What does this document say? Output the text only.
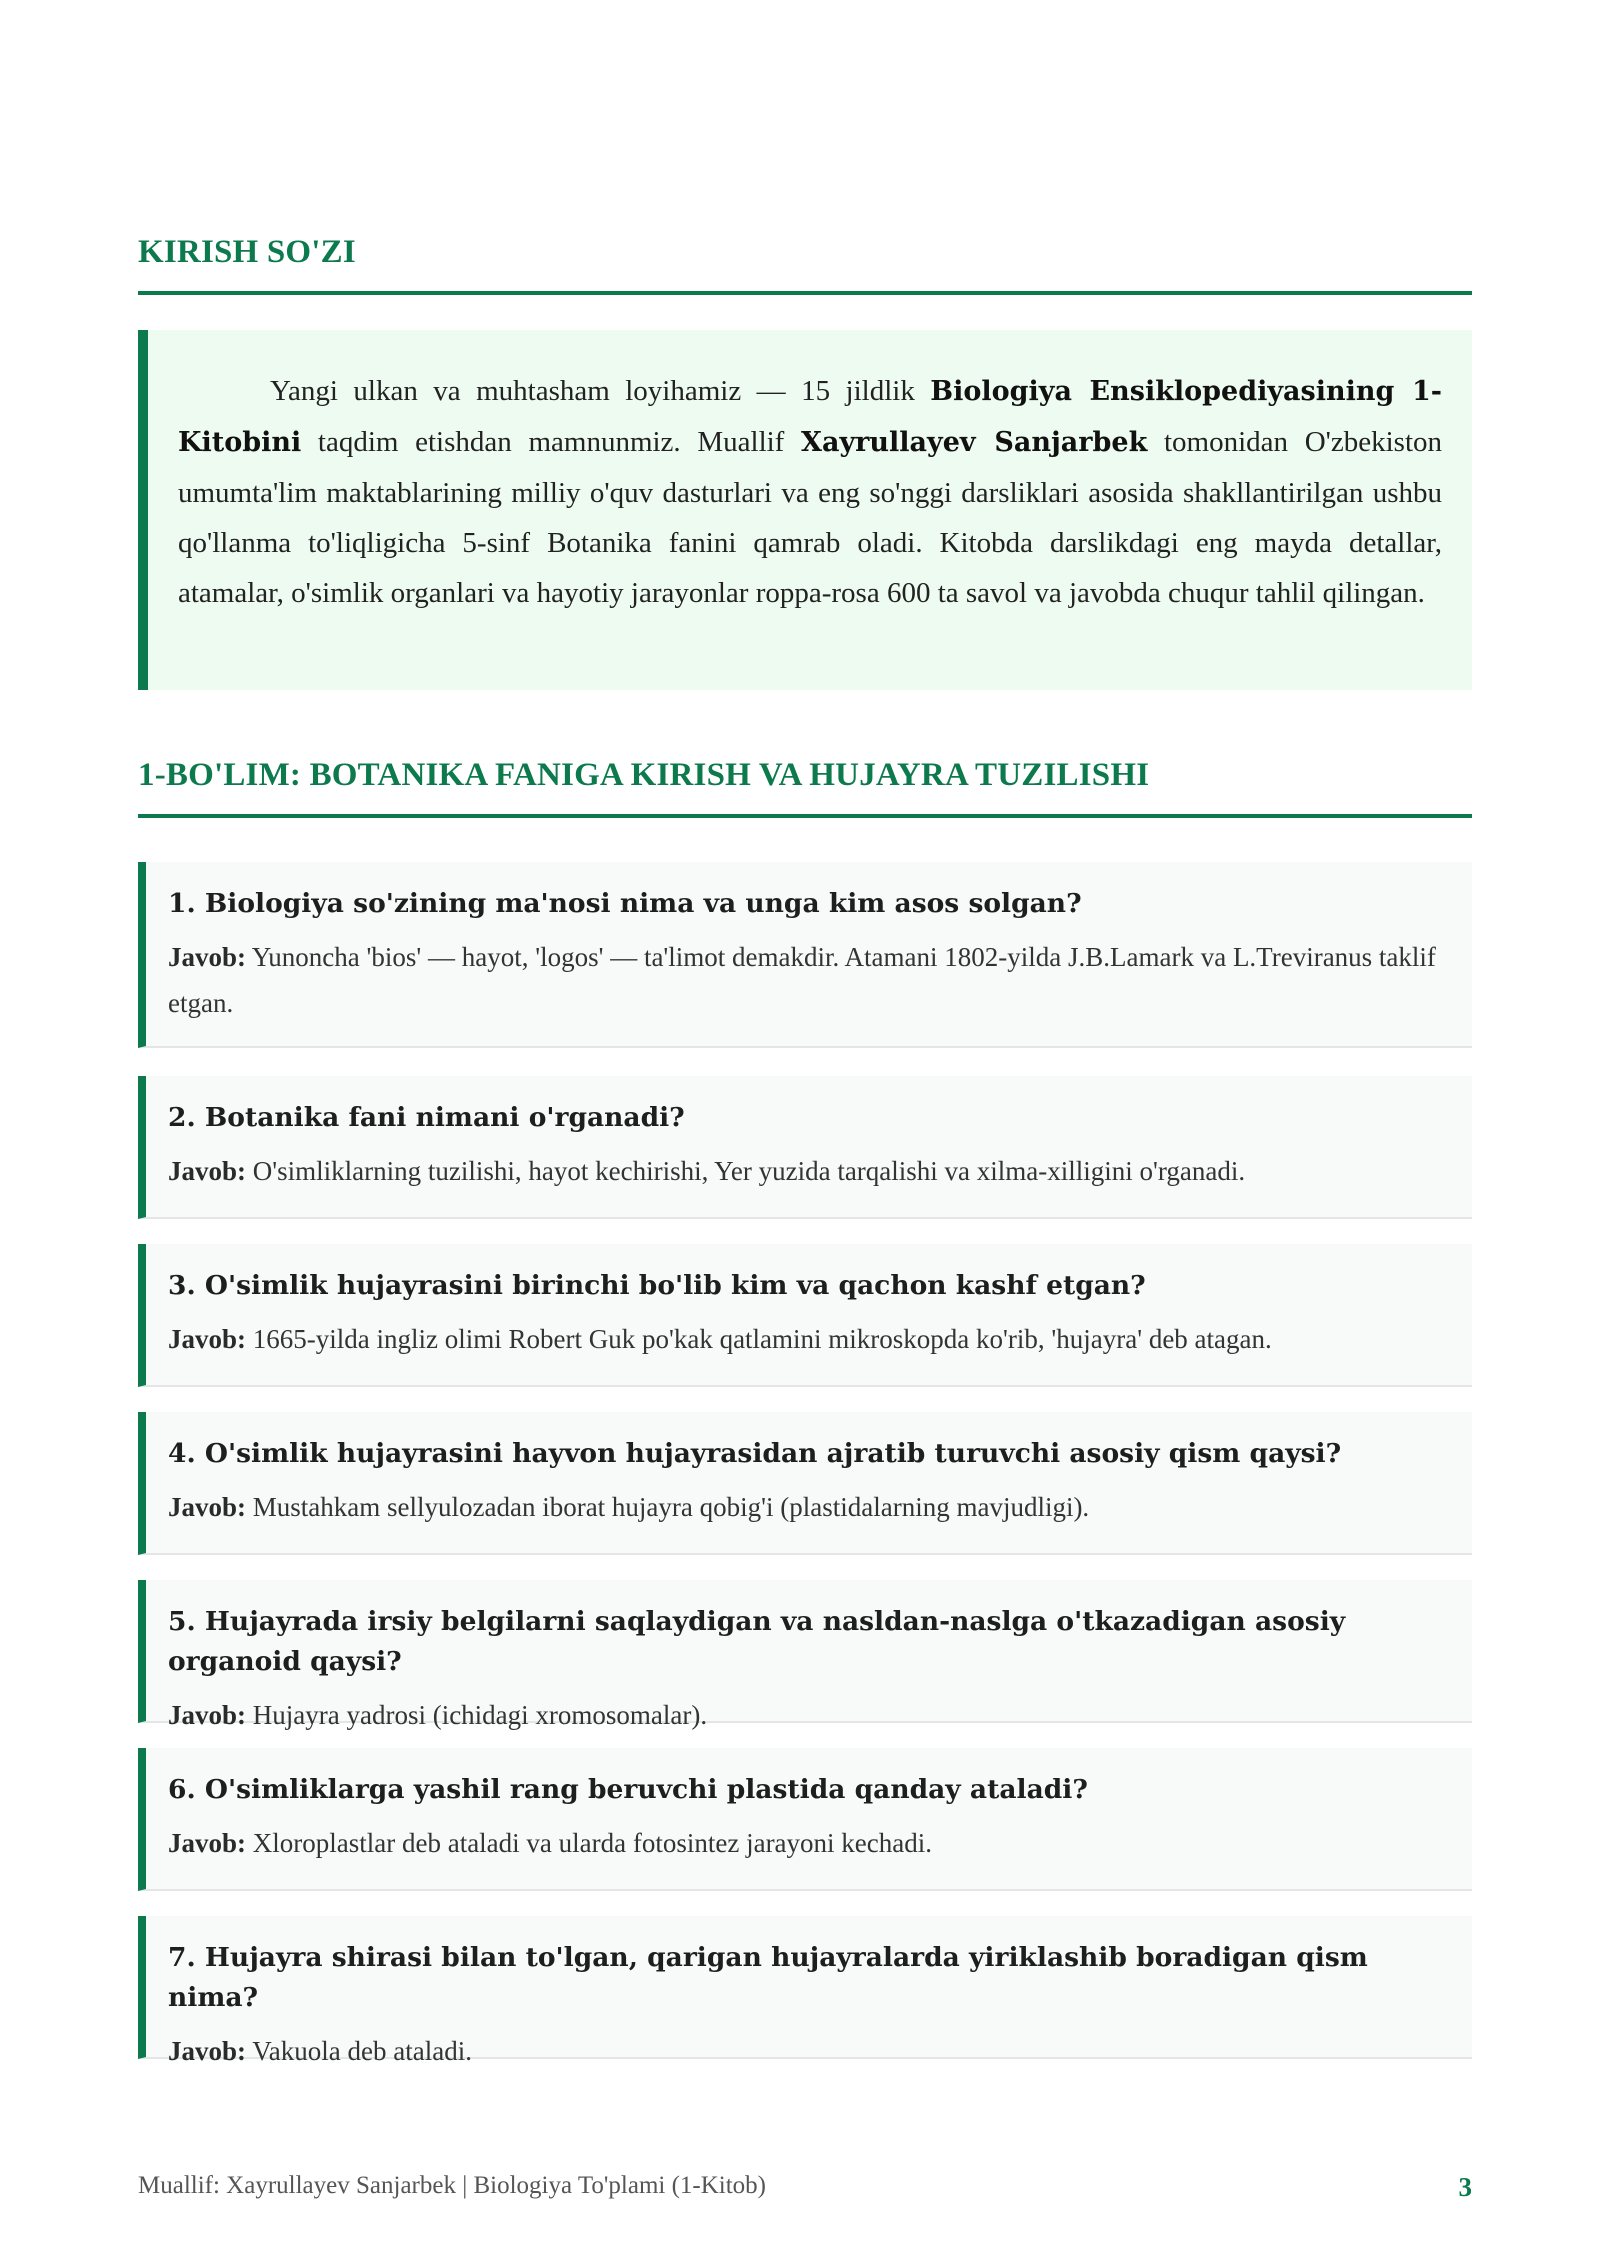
KIRISH SO'ZI

Yangi ulkan va muhtasham loyihamiz — 15 jildlik Biologiya Ensiklopediyasining 1-Kitobini taqdim etishdan mamnunmiz. Muallif Xayrullayev Sanjarbek tomonidan O'zbekiston umumta'lim maktablarining milliy o'quv dasturlari va eng so'nggi darsliklari asosida shakllantirilgan ushbu qo'llanma to'liqligicha 5-sinf Botanika fanini qamrab oladi. Kitobda darslikdagi eng mayda detallar, atamalar, o'simlik organlari va hayotiy jarayonlar roppa-rosa 600 ta savol va javobda chuqur tahlil qilingan.

1-BO'LIM: BOTANIKA FANIGA KIRISH VA HUJAYRA TUZILISHI

1. Biologiya so'zining ma'nosi nima va unga kim asos solgan?

Javob: Yunoncha 'bios' — hayot, 'logos' — ta'limot demakdir. Atamani 1802-yilda J.B.Lamark va L.Treviranus taklif etgan.

2. Botanika fani nimani o'rganadi?

Javob: O'simliklarning tuzilishi, hayot kechirishi, Yer yuzida tarqalishi va xilma-xilligini o'rganadi.

3. O'simlik hujayrasini birinchi bo'lib kim va qachon kashf etgan?

Javob: 1665-yilda ingliz olimi Robert Guk po'kak qatlamini mikroskopda ko'rib, 'hujayra' deb atagan.

4. O'simlik hujayrasini hayvon hujayrasidan ajratib turuvchi asosiy qism qaysi?

Javob: Mustahkam sellyulozadan iborat hujayra qobig'i (plastidalarning mavjudligi).

5. Hujayrada irsiy belgilarni saqlaydigan va nasldan-naslga o'tkazadigan asosiy organoid qaysi?

Javob: Hujayra yadrosi (ichidagi xromosomalar).

6. O'simliklarga yashil rang beruvchi plastida qanday ataladi?

Javob: Xloroplastlar deb ataladi va ularda fotosintez jarayoni kechadi.

7. Hujayra shirasi bilan to'lgan, qarigan hujayralarda yiriklashib boradigan qism nima?

Javob: Vakuola deb ataladi.

Muallif: Xayrullayev Sanjarbek | Biologiya To'plami (1-Kitob)	3
